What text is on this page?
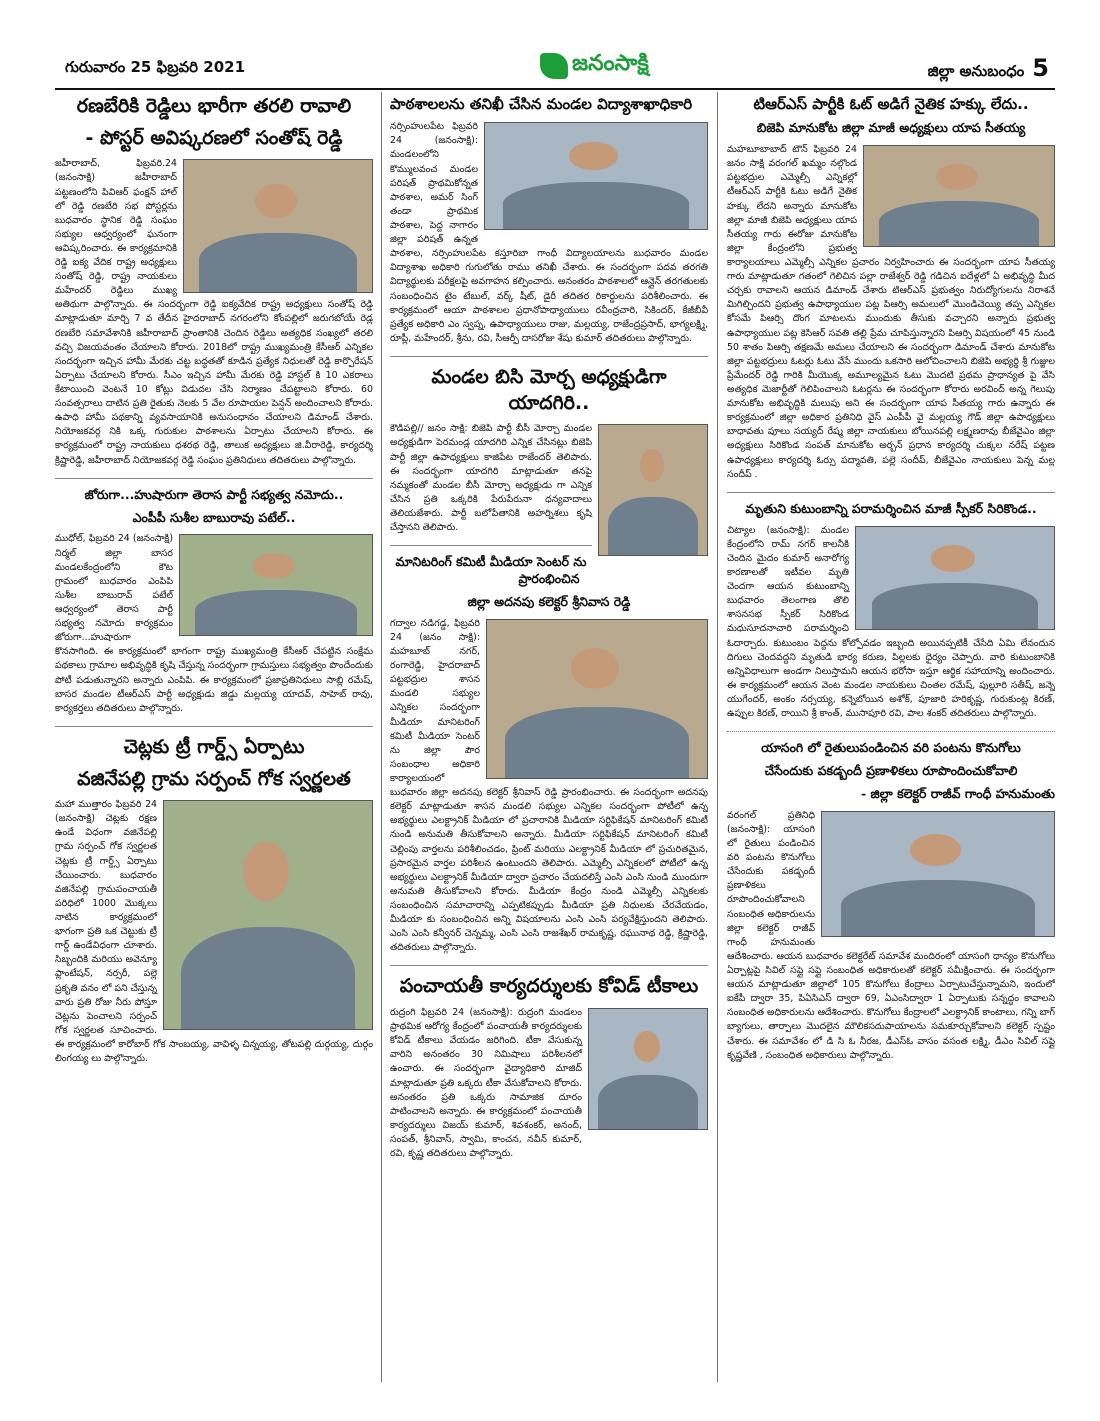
గురువారం 25 ఫిబ్రవరి 2021	జనంసాక్షి	జిల్లా అనుబంధం 5
రణబేరికి రెడ్డిలు భారీగా తరలి రావాలి
- పోస్టర్ అవిష్కరణలో సంతోష్ రెడ్డి
జహీరాబాద్, ఫిబ్రవరి.24 (జనంసాక్షి) జహీరాబాద్ పట్టణంలోని పివిఆర్ ఫంక్షన్ హాల్ లో రెడ్డి రణబేరి సభ పోస్టర్లను బుధవారం స్థానిక రెడ్డి సంఘం సభ్యుల ఆధ్వర్యంలో ఘనంగా ఆవిష్కరించారు. ఈ కార్యక్రమానికి రెడ్డి ఐక్య వేదిక రాష్ట్ర అధ్యక్షులు సంతోష్ రెడ్డి, రాష్ట్ర నాయకులు మహేందర్ రెడ్డిలు ముఖ్య అతిథుగా పాల్గొన్నారు. ఈ సందర్భంగా రెడ్డి ఐక్యవేదిక రాష్ట్ర అధ్యక్షులు సంతోష్ రెడ్డి మాట్లాడుతూ మార్చి 7 వ తేదీన హైదరాబాద్ నగరంలోని కోంపల్లిలో జరుగబోయే రెడ్ల రణబేరి సమావేశానికి జహీరాబాద్ ప్రాంతానికి చెందిన రెడ్డిలు అత్యధిక సంఖ్యలో తరలి వచ్చి విజయవంతం చేయాలని కోరారు. 2018లో రాష్ట్ర ముఖ్యమంత్రి కేసీఆర్ ఎన్నికల సందర్భంగా ఇచ్చిన హామీ మేరకు చట్ట బద్ధతతో కూడిన ప్రత్యేక నిధులతో రెడ్డి కార్పొరేషన్ ఏర్పాటు చేయాలని కోరారు. సీఎం ఇచ్చిన హామీ మేరకు రెడ్డి హాస్టల్ కి 10 ఎకరాలు కేటాయించి వెంటనే 10 కోట్లు విడుదల చేసి నిర్మాణం చేపట్టాలని కోరారు. 60 సంవత్సరాలు దాటిన ప్రతి రైతుకు నెలకు 5 వేల రూపాయల పెన్షన్ అందించాలని కోరారు. ఉపాధి హామీ పథకాన్ని వ్యవసాయానికి అనుసంధానం చేయాలని డిమాండ్ చేశారు. నియోజకవర్గ నికి ఒక్క గురుకుల పాఠశాలను ఏర్పాటు చేయాలని కోరారు. ఈ కార్యక్రమంలో రాష్ట్ర నాయకులు ధశరథ రెడ్డి, తాలుక అధ్యక్షులు జి.వీరారెడ్డి, కార్యదర్శి క్రిష్ణారెడ్డి, జహీరాబాద్ నియోజకవర్గ రెడ్డి సంఘం ప్రతినిధులు తదితరులు పాల్గొన్నారు.
జోరుగా...హుషారుగా తెరాస పార్టీ సభ్యత్వ నమోదు..
ఎంపీపీ సుశీల బాబురావు పటేల్..
ముధోల్, ఫిబ్రవరి 24 (జనంసాక్షి) నిర్మల్ జిల్లా బాసర మండలకేంద్రంలోని కౌట గ్రామంలో బుధవారం ఎంపిపి సుశీల బాబురావ్ పటేల్ ఆధ్వర్యంలో తెరాస పార్టీ సభ్యత్వ నమోదు కార్యక్రమం జోరుగా...హుషారుగా కొనసాగింది. ఈ కార్యక్రమంలో భాగంగా రాష్ట్ర ముఖ్యమంత్రి కేసీఆర్ చేపట్టిన సంక్షేమ పథకాలు గ్రామాల అభివృద్ధికి కృషి చేస్తున్న సందర్భంగా గ్రామస్తులు సభ్యత్వం పొందేందుకు పోటీ పడుతున్నారని అన్నారు ఎంపిపి. ఈ కార్యక్రమంలో ప్రజాప్రతినిధులు సాబ్లి రమేష్, బాసర మండల టీఆర్ఎస్ పార్టీ అధ్యక్షుడు జిడ్డు మల్లయ్య యాదవ్, సాహెబ్ రావు, కార్యకర్తలు తదితరులు పాల్గొన్నారు.
చెట్లకు ట్రీ గార్డ్స్ ఏర్పాటు
వజినేపల్లి గ్రామ సర్పంచ్ గోక స్వర్ణలత
మహా ముత్తారం ఫిబ్రవరి 24 (జనంసాక్షి) చెట్లకు రక్షణ ఉండే విధంగా వజినేపల్లి గ్రామ సర్పంచ్ గోక స్వర్ణలత చెట్లకు ట్రీ గార్డ్స్ ఏర్పాటు చేయించారు. బుధవారం వజినేపల్లి గ్రామపంచాయతీ పరిధిలో 1000 మొక్కలు నాటిన కార్యక్రమంలో భాగంగా ప్రతి ఒక చెట్టుకు ట్రీ గార్డ్ ఉండేవిధంగా చూశారు. సిబ్బందికి మరియు అవెన్యూ ప్లాంటేషన్, నర్సరీ, పల్లె ప్రకృతి వనం లో పని చేస్తున్న వారు ప్రతి రోజు నీరు పోస్తూ చెట్లను పెంచాలని సర్పంచ్ గోక స్వర్ణలత సూచించారు. ఈ కార్యక్రమంలో కారోబార్ గోక సాంబయ్య, వావిళ్ళ చిన్నయ్య, తోటపల్లి దుర్గయ్య, దుర్గం లింగయ్య లు పాల్గొన్నారు.
పాఠశాలలను తనిఖీ చేసిన మండల విద్యాశాఖాధికారి
నర్సింహులపేట ఫిబ్రవరి 24 (జనంసాక్షి): మండలంలోని కొమ్ములవంచ మండల పరిషత్ ప్రాథమికోన్నత పాఠశాల, అమర్ సింగ్ తండా ప్రాథమిక పాఠశాల, పెద్ద నాగారం జిల్లా పరిషత్ ఉన్నత పాఠశాల, నర్సింహులపేట కస్తూరిబా గాంధీ విద్యాలయాలను బుధవారం మండల విద్యాశాఖ అధికారి గుగులోతు రాము తనిఖీ చేశారు. ఈ సందర్భంగా పదవ తరగతి విద్యార్థులకు పరీక్షలపై అవగాహన కల్పించారు. అనంతరం పాఠశాలలో ఆన్లైన్ తరగతులకు సంబంధించిన టైం టేబుల్, వర్క్ షీట్, డైరీ తదితర రికార్డులను పరిశీలించారు. ఈ కార్యక్రమంలో ఆయా పాఠశాలల ప్రధానోపాధ్యాయులు రవీంద్రచారి, సికిందర్, కేజీబీవీ ప్రత్యేక అధికారి ఎం స్వప్న, ఉపాధ్యాయులు రాజు, మల్లయ్య, రాజేంద్రప్రసాద్, భాగ్యలక్ష్మి, రూప్లీ, మహేందర్, శ్రీను, రవి, సీఆర్పీ దాసరోజు శేషు కుమార్ తదితరులు పాల్గొన్నారు.
మండల బిసి మోర్చ అధ్యక్షుడిగా యాదగిరి..
కౌడిపల్లి// జనం సాక్షి: బిజెపి పార్టీ బీసీ మోర్చా మండల అధ్యక్షుడిగా పెరమండ్ల యాదగిరి ఎన్నిక చేసినట్లు బిజెపి పార్టీ జిల్లా ఉపాధ్యక్షులు కాజిపేట రాజేందర్ తెలిపారు. ఈ సందర్భంగా యాదగిరి మాట్లాడుతూ తనపై నమ్మకంతో మండల బీసీ మోర్చా అధ్యక్షుడు గా ఎన్నిక చేసిన ప్రతి ఒక్కరికి పేరుపేరునా ధన్యవాదాలు తెలియజేశారు. పార్టీ బలోపేతానికి అహర్నిశలు కృషి చేస్తానని తెలిపారు.
మానిటరింగ్ కమిటీ మీడియా సెంటర్ ను ప్రారంభించిన
జిల్లా అదనపు కలెక్టర్ శ్రీనివాస రెడ్డి
గద్వాల నడిగడ్డ, ఫిబ్రవరి 24 (జనం సాక్షి): మహబూబ్ నగర్, రంగారెడ్డి, హైదరాబాద్ పట్టభద్రుల శాసన మండలి సభ్యుల ఎన్నికల సందర్భంగా మీడియా మానిటరింగ్ కమిటీ మీడియా సెంటర్ ను జిల్లా పౌర సంబంధాల అధికారి కార్యాలయంలో బుధవారం జిల్లా అదనపు కలెక్టర్ శ్రీనివాస్ రెడ్డి ప్రారంభించారు. ఈ సందర్భంగా అదనపు కలెక్టర్ మాట్లాడుతూ శాసన మండలి సభ్యుల ఎన్నికల సందర్భంగా పోటీలో ఉన్న అభ్యర్థులు ఎలక్ట్రానిక్ మీడియా లో ప్రచారానికి మీడియా సర్టిఫికేషన్ మానిటరింగ్ కమిటీ నుండి అనుమతి తీసుకోవాలని అన్నారు. మీడియా సర్టిఫికేషన్ మానిటరింగ్ కమిటీ చెల్లింపు వార్తలను పరిశీలించడం, ప్రింట్ మరియు ఎలక్ట్రానిక్ మీడియా లో ప్రచురితమైన, ప్రసారమైన వార్తల పరిశీలన ఉంటుందని తెలిపారు. ఎమ్మెల్సీ ఎన్నికలలో పోటీలో ఉన్న అభ్యర్థులు ఎలక్ట్రానిక్ మీడియా ద్వారా ప్రచారం చేయదలిస్తే ఎంసి ఎంసి నుండి ముందుగా అనుమతి తీసుకోవాలని కోరారు. మీడియా కేంద్రం నుండి ఎమ్మెల్సీ ఎన్నికలకు సంబంధించిన సమాచారాన్ని ఎప్పటికప్పుడు మీడియా ప్రతి నిధులకు చేరవేయడం, మీడియా కు సంబంధించిన అన్ని విషయాలను ఎంసి ఎంసి పర్యవేక్షిస్తుందని తెలిపారు. ఎంసి ఎంసి కన్వీనర్ చెన్నమ్మ, ఎంసి ఎంసి రాజశేఖర్ రామకృష్ణ, రఘునాథ రెడ్డి, క్రిష్ణారెడ్డి, తదితరులు పాల్గొన్నారు.
పంచాయతీ కార్యదర్శులకు కోవిడ్ టీకాలు
రుద్రంగి ఫిబ్రవరి 24 (జనంసాక్షి): రుద్రంగి మండలం ప్రాథమిక ఆరోగ్య కేంద్రంలో పంచాయతీ కార్యదర్శులకు కోవిడ్ టీకాలు వేయడం జరిగింది. టీకా వేసుకున్న వారిని అనంతరం 30 నిమిషాలు పరిశీలనలో ఉంచారు. ఈ సందర్భంగా వైద్యాధికారి మాజిద్ మాట్లాడుతూ ప్రతి ఒక్కరు టీకా వేసుకోవాలని కోరారు. అనంతరం ప్రతి ఒక్కరు సామాజిక దూరం పాటించాలని అన్నారు. ఈ కార్యక్రమంలో పంచాయతీ కార్యదర్శులు విజయ్ కుమార్, శివశంకర్, అనంద్, సంపత్, శ్రీనివాస్, స్వామి, కాంచన, నవీన్ కుమార్, రవి, కృష్ణ తదితరులు పాల్గొన్నారు.
టిఆర్ఎస్ పార్టీకి ఓట్ అడిగే నైతిక హక్కు లేదు..
బిజెపి మానుకోట జిల్లా మాజీ అధ్యక్షులు యాప సీతయ్య
మహబూబాబాద్ టౌన్ ఫిబ్రవరి 24 జనం సాక్షి వరంగల్ ఖమ్మం నల్గొండ పట్టభద్రుల ఎమ్మెల్సీ ఎన్నికల్లో టీఆర్ఎస్ పార్టీకి ఓటు అడిగే నైతిక హక్కు లేదని అన్నారు మానుకోట జిల్లా మాజీ బిజెపి అధ్యక్షులు యాప సీతయ్య గారు ఈరోజు మానుకోట జిల్లా కేంద్రంలోని ప్రభుత్వ కార్యాలయాలు ఎమ్మెల్సీ ఎన్నికల ప్రచారం నిర్వహించారు ఈ సందర్భంగా యాప సీతయ్య గారు మాట్లాడుతూ గతంలో గెలిచిన పల్లా రాజేశ్వర్ రెడ్డి గడిచిన ఐదేళ్లలో ఏ అభివృద్ధి మీద చర్చకు రావాలని ఆయన డిమాండ్ చేశారు టిఆర్ఎస్ ప్రభుత్వం నిరుద్యోగులను నిరాశనే మిగిల్చిందని ప్రభుత్వ ఉపాధ్యాయుల పట్ల పిఆర్సి అమలులో మొండిచెయ్యి తప్ప ఎన్నికల కోసమే పిఆర్సి దొంగ మాటలను ముందుకు తీసుకు వచ్చారని అన్నారు ప్రభుత్వ ఉపాధ్యాయుల పట్ల కెసిఆర్ సవతి తల్లి ప్రేమ చూపిస్తున్నారని పిఆర్సి విషయంలో 45 నుండి 50 శాతం పిఆర్సి తక్షణమే అమలు చేయాలని ఈ సందర్భంగా డిమాండ్ చేశారు మానుకోట జిల్లా పట్టభద్రులు ఓటర్లు ఓటు వేసే ముందు ఒకసారి ఆలోచించాలని బిజెపి అభ్యర్థి శ్రీ గుజ్జుల ప్రేమేందర్ రెడ్డి గారికి మీయొక్క అమూల్యమైన ఓటు మొదటి ప్రథమ ప్రాధాన్యత పై వేసి అత్యధిక మెజార్టీతో గెలిపించాలని ఓటర్లను ఈ సందర్భంగా కోరారు అరవింద్ అన్న గెలుపు మానుకోట అభివృద్ధికి మలుపు అని ఈ సందర్భంగా యాప సీతయ్య గారు ఉన్నారు ఈ కార్యక్రమంలో జిల్లా అధికార ప్రతినిధి వైస్ ఎంపీపీ వై మల్లయ్య గౌడ్ జిల్లా ఉపాధ్యక్షులు బాధావతు పూలు సయ్యద్ రేష్మ జిల్లా నాయకులు బోయినపల్లి లక్ష్మణరావు బీజేవైఎం జిల్లా అధ్యక్షులు సిరికొండ సంపత్ మానుకోట అర్బన్ ప్రధాన కార్యదర్శి చుక్కల నరేష్ పట్టణ ఉపాధ్యక్షులు కార్యదర్శి ఓర్సు పద్మావతి, పల్లె సందీప్, బీజేవైఎం నాయకులు పెన్న మల్ల సందీప్ .
మృతుని కుటుంబాన్ని పరామర్శించిన మాజీ స్పీకర్ సిరికొండ..
చిట్యాల (జనంసాక్షి): మండల కేంద్రంలోని రామ్ నగర్ కాలనీకి చెందిన మైదం కుమార్ అనారోగ్య కారణాలతో ఇటీవల మృతి చెందగా ఆయన కుటుంబాన్ని బుధవారం తెలంగాణ తొలి శాసనసభ స్పీకర్ సిరికొండ మధుసూదనాచారి పరామర్శించి ఓదార్చారు. కుటుంబం పెద్దను కోల్పోవడం ఇబ్బంది అయినప్పటికీ చేసేది ఏమి లేనందున దిగులు చెందవద్దని మృతుడి భార్య కరుణ, పిల్లలకు ధైర్యం చెప్పారు. వారి కుటుంబానికి అన్నివిధాలుగా అండగా నిలుస్తామని ఆయన భరోసా ఇస్తూ ఆర్థిక సహాయాన్ని అందించారు. ఈ కార్యక్రమంలో ఆయన వెంట మండల నాయకులు చింతల రమేష్, పుల్లూరి సతీష్, జన్నె యుగేందర్, అంకం నర్సయ్య, కన్నెబోయిన అశోక్, పూజారి హరికృష్ణ, గురుకుంట్ల కిరణ్, ఉప్పుల కిరణ్, రాయిని శ్రీ కాంత్, ముసాపూరి రవి, పాల శంకర్ తదితరులు పాల్గొన్నారు.
యాసంగి లో రైతులుపండించిన వరి పంటను కొనుగోలు
చేసేందుకు పకడ్బందీ ప్రణాళికలు రూపొందించుకోవాలి
- జిల్లా కలెక్టర్ రాజీవ్ గాంధీ హనుమంతు
వరంగల్ ప్రతినిధి (జనంసాక్షి): యాసంగి లో రైతులు పండించిన వరి పంటను కొనుగోలు చేసేందుకు పకడ్బందీ ప్రణాళికలు రూపొందించుకోవాలని సంబంధిత అధికారులను జిల్లా కలెక్టర్ రాజీవ్ గాంధీ హనుమంతు ఆదేశించారు. ఆయన బుధవారం కలెక్టరేట్ సమావేశ మందిరంలో యాసంగి ధాన్యం కొనుగోలు ఏర్పాట్లపై సివిల్ సప్లై సప్లై సంబంధిత అధికారులతో కలెక్టర్ సమీక్షించారు. ఈ సందర్భంగా ఆయన మాట్లాడుతూ జిల్లాలో 105 కొనుగోలు కేంద్రాలు ఏర్పాటుచేస్తున్నామని, ఇందులో ఐకేపీ ద్వారా 35, పిఏసిఎస్ ద్వారా 69, ఏఎంసిద్వారా 1 ఏర్పాటుకు సన్నద్ధం కావాలని సంబంధిత అధికారులను ఆదేశించారు. కొనుగోలు కేంద్రాలలో ఎలక్ట్రానిక్ కాంటాలు, గన్ని బాగ్ బ్యాగులు, తార్పాలు మొదలైన మౌలికసదుపాయాలను సమకూర్చుకోవాలని కలెక్టర్ స్పష్టం చేశారు. ఈ సమావేశం లో డి సి ఓ నీరజ, డీఎస్ఓ వాసం వసంత లక్ష్మి, డీఎం సివిల్ సప్లై కృష్ణవేణి , సంబంధిత అధికారులు పాల్గొన్నారు.
